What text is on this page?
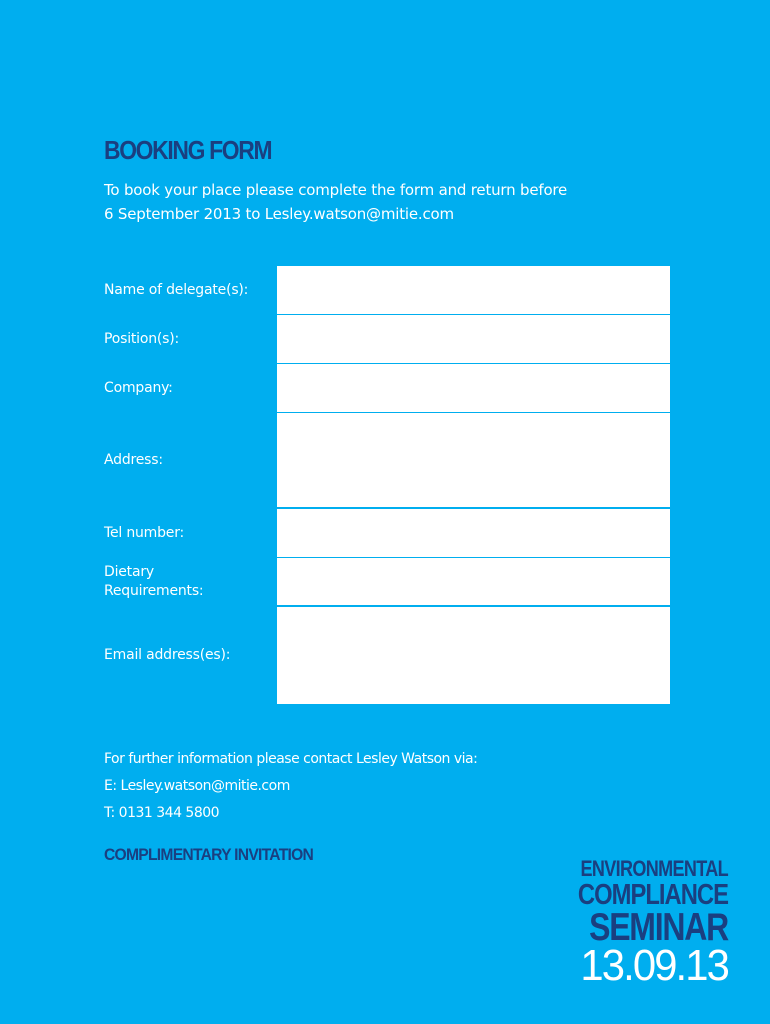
BOOKING FORM
To book your place please complete the form and return before
6 September 2013 to Lesley.watson@mitie.com
Name of delegate(s):
Position(s):
Company:
Address:
Tel number:
Dietary
Requirements:
Email address(es):
For further information please contact Lesley Watson via:
E: Lesley.watson@mitie.com
T: 0131 344 5800
COMPLIMENTARY INVITATION
ENVIRONMENTAL
COMPLIANCE
SEMINAR
13.09.13
